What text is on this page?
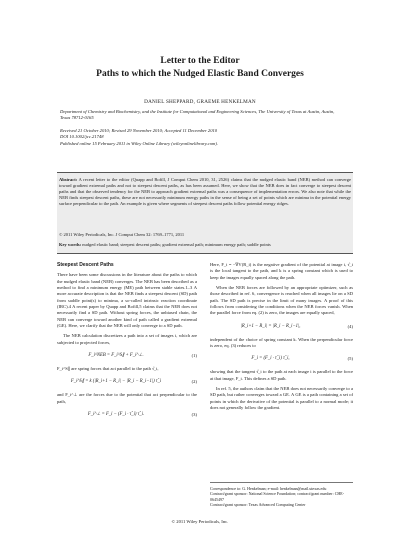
Letter to the Editor
Paths to which the Nudged Elastic Band Converges
DANIEL SHEPPARD, GRAEME HENKELMAN
Department of Chemistry and Biochemistry, and the Institute for Computational and Engineering Sciences, The University of Texas at Austin, Austin, Texas 78712-0165
Received 21 October 2010; Revised 29 November 2010; Accepted 11 December 2010
DOI 10.1002/jcc.21748
Published online 15 February 2011 in Wiley Online Library (wileyonlinelibrary.com).
Abstract: A recent letter to the editor (Quapp and Bofill, J Comput Chem 2010, 31, 2526) claims that the nudged elastic band (NEB) method can converge toward gradient extremal paths and not to steepest descent paths, as has been assumed. Here, we show that the NEB does in fact converge to steepest descent paths and that the observed tendency for the NEB to approach gradient extremal paths was a consequence of implementation errors. We also note that while the NEB finds steepest descent paths, these are not necessarily minimum energy paths in the sense of being a set of points which are minima in the potential energy surface perpendicular to the path. An example is given where segments of steepest descent paths follow potential energy ridges.
© 2011 Wiley Periodicals, Inc. J Comput Chem 32: 1769–1771, 2011
Key words: nudged elastic band; steepest descent paths; gradient extremal path; minimum energy path; saddle points
Steepest Descent Paths

There have been some discussions in the literature about the paths to which the nudged elastic band (NEB) converges. The NEB has been described as a method to find a minimum energy (ME) path between stable states.1–3 A more accurate description is that the NEB finds a steepest descent (SD) path from saddle point(s) to minima, a so-called intrinsic reaction coordinate (IRC).4 A recent paper by Quapp and Bofill,5 claims that the NEB does not necessarily find a SD path. Without spring forces, the unbiased chain, the NEB can converge toward another kind of path called a gradient extremal (GE). Here, we clarify that the NEB will only converge to a SD path.

The NEB calculation discretizes a path into a set of images i, which are subjected to projected forces,

F_i^NEB = F_i^S∥ + F_i^⊥.	(1)

F_i^S∥ are spring forces that act parallel to the path τ̂_i,

F_i^S∥ = k (|R_i+1 − R_i| − |R_i − R_i−1|) τ̂_i	(2)

and F_i^⊥ are the forces due to the potential that act perpendicular to the path,

F_i^⊥ = F_i − (F_i · τ̂_i) τ̂_i.	(3)

Here, F_i = −∇V(R_i) is the negative gradient of the potential at image i, τ̂_i is the local tangent to the path, and k is a spring constant which is used to keep the images equally spaced along the path.

When the NEB forces are followed by an appropriate optimizer, such as those described in ref. 6, convergence is reached when all images lie on a SD path. The SD path is precise in the limit of many images. A proof of this follows from considering the conditions when the NEB forces vanish. When the parallel force from eq. (2) is zero, the images are equally spaced,

|R_i+1 − R_i| = |R_i − R_i−1|,	(4)

independent of the choice of spring constant k. When the perpendicular force is zero, eq. (3) reduces to

F_i = (F_i · τ̂_i) τ̂_i,	(5)

showing that the tangent τ̂_i to the path at each image i is parallel to the force at that image, F_i. This defines a SD path.

In ref. 5, the authors claim that the NEB does not necessarily converge to a SD path, but rather converges toward a GE. A GE is a path containing a set of points in which the derivative of the potential is parallel to a normal mode; it does not generally follow the gradient.

Correspondence to: G. Henkelman; e-mail: henkelman@mail.utexas.edu
Contract/grant sponsor: National Science Foundation; contract/grant number: CHE-0645497
Contract/grant sponsor: Texas Advanced Computing Center
© 2011 Wiley Periodicals, Inc.
